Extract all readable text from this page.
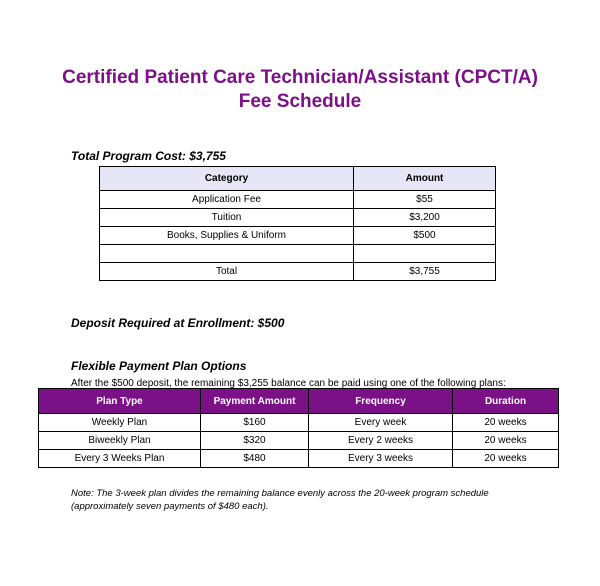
Certified Patient Care Technician/Assistant (CPCT/A)
Fee Schedule
Total Program Cost: $3,755
Category	Amount
Application Fee	$55
Tuition	$3,200
Books, Supplies & Uniform	$500

Total	$3,755
Deposit Required at Enrollment: $500
Flexible Payment Plan Options
After the $500 deposit, the remaining $3,255 balance can be paid using one of the following plans:
Plan Type	Payment Amount	Frequency	Duration
Weekly Plan	$160	Every week	20 weeks
Biweekly Plan	$320	Every 2 weeks	20 weeks
Every 3 Weeks Plan	$480	Every 3 weeks	20 weeks
Note: The 3-week plan divides the remaining balance evenly across the 20-week program schedule (approximately seven payments of $480 each).
